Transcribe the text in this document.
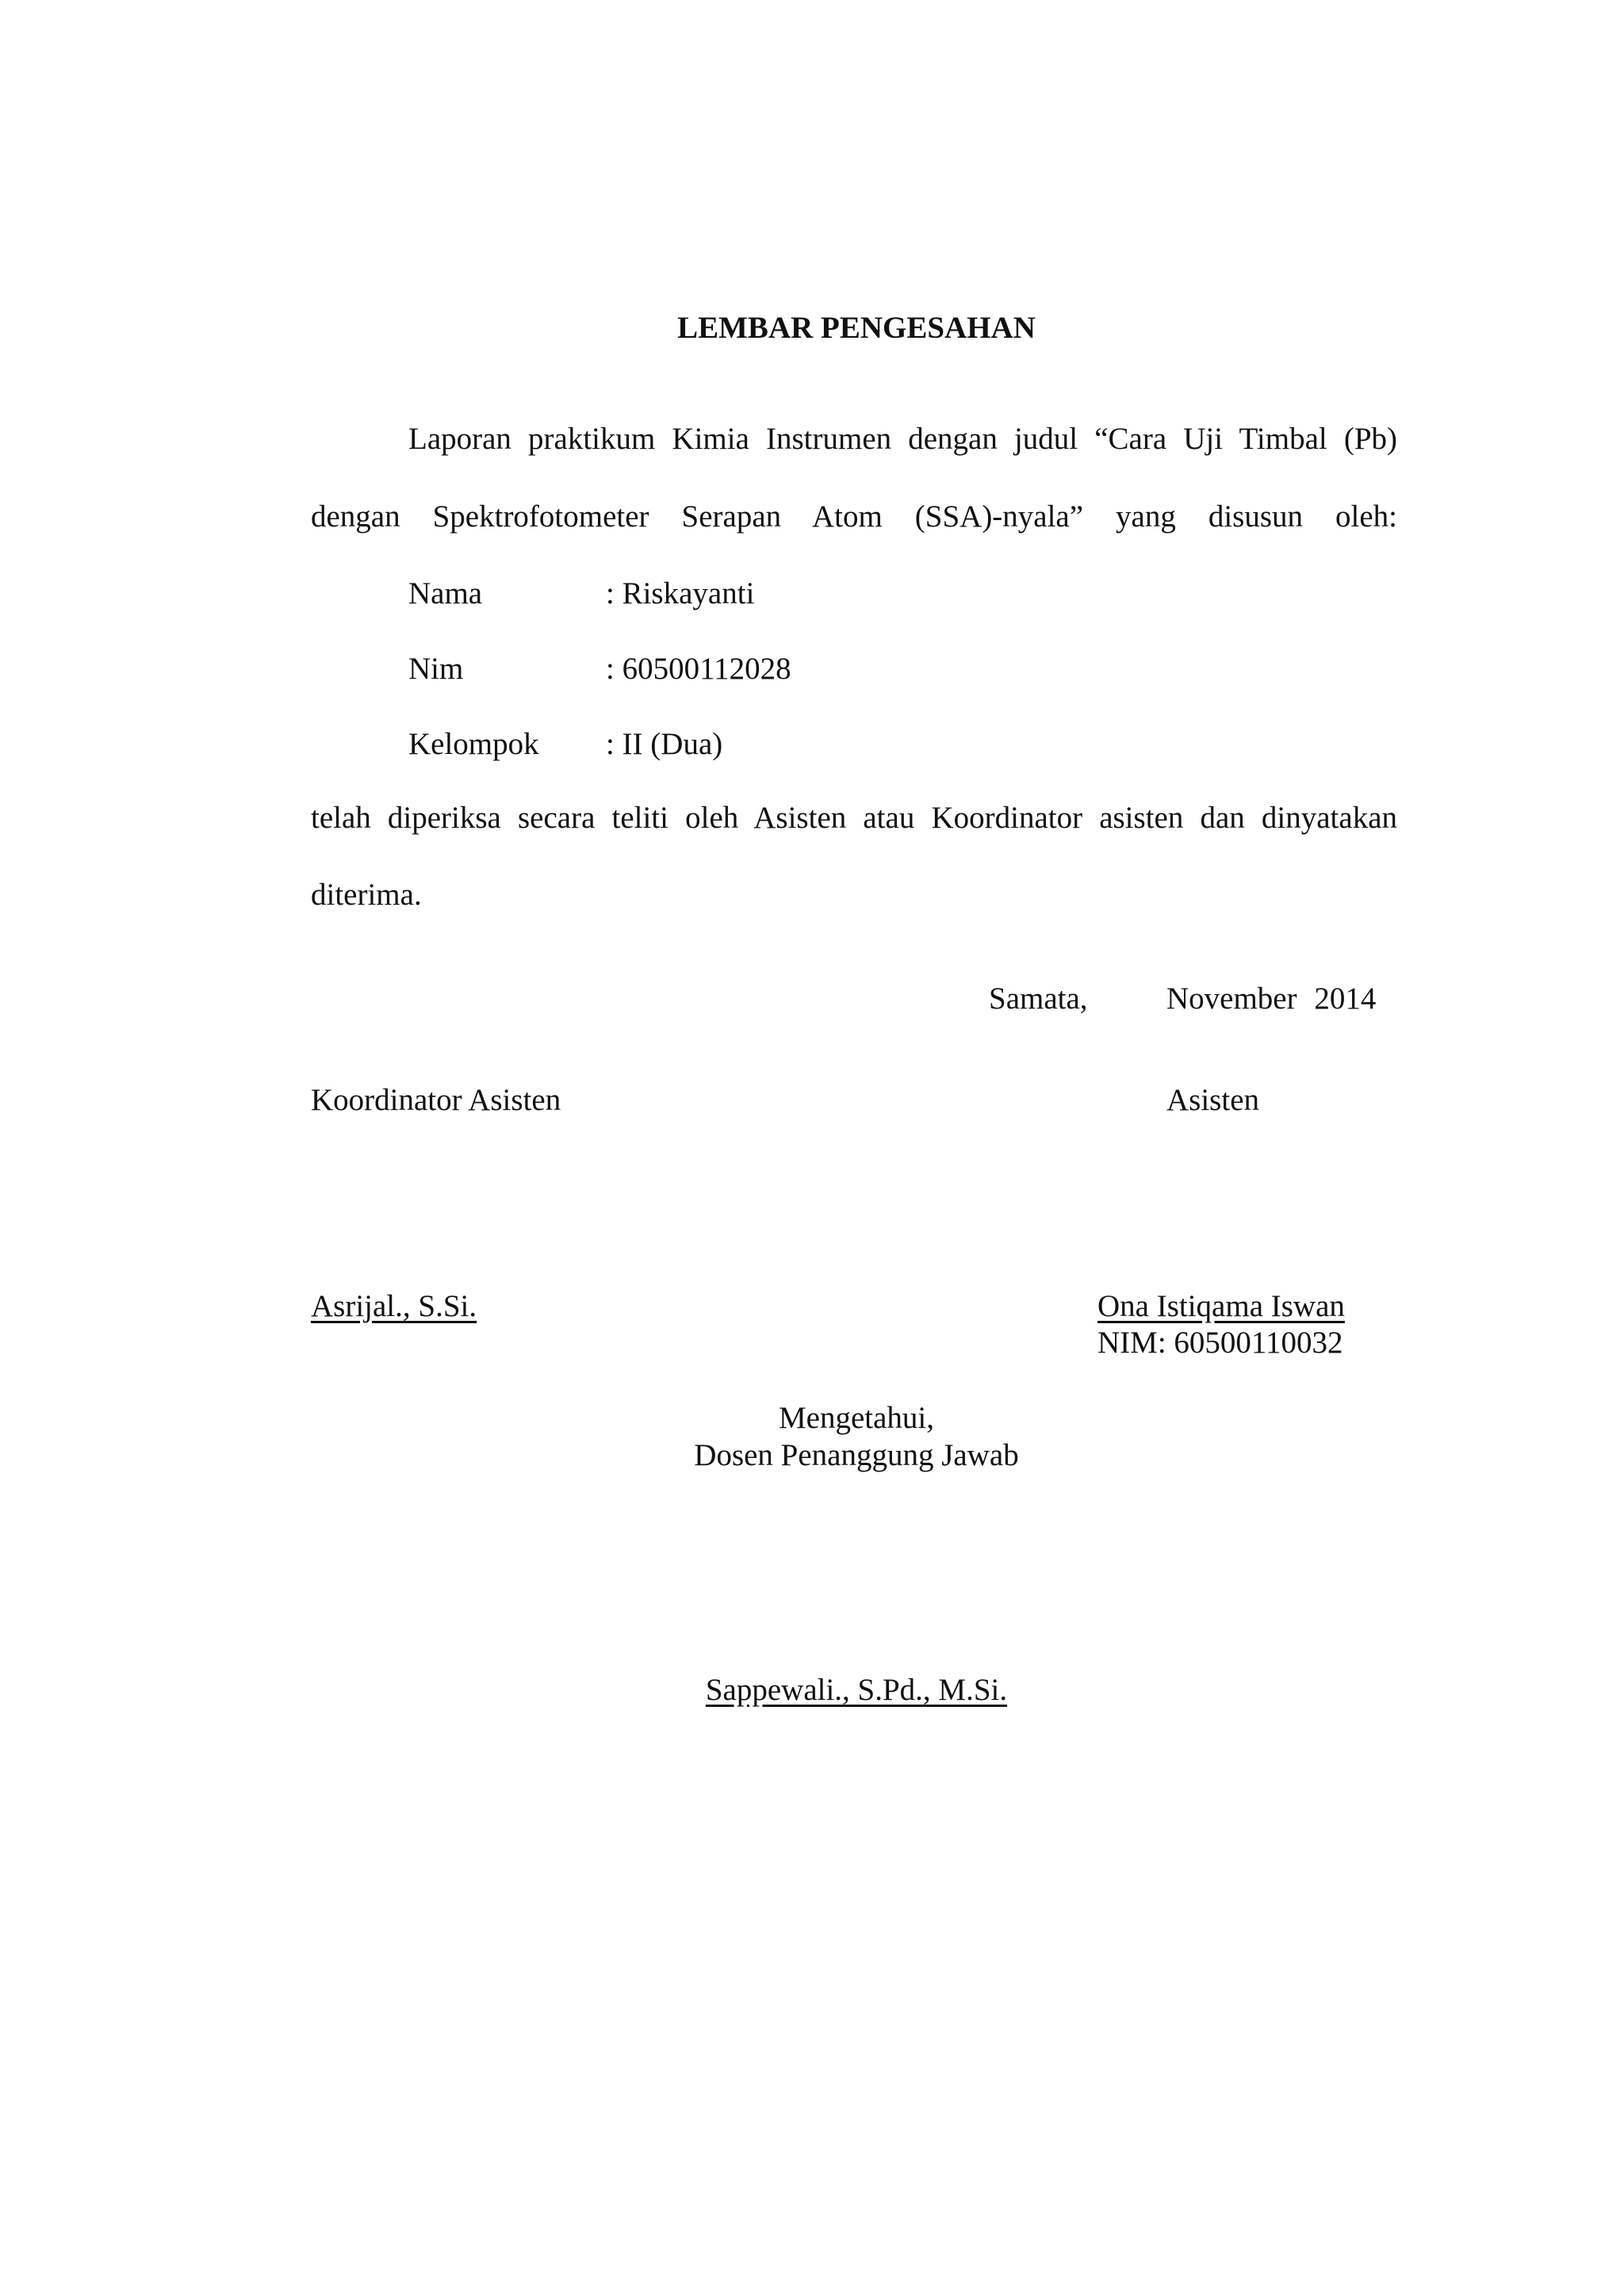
LEMBAR PENGESAHAN
Laporan praktikum Kimia Instrumen dengan judul “Cara Uji Timbal (Pb)
dengan Spektrofotometer Serapan Atom (SSA)-nyala” yang disusun oleh:
Nama	: Riskayanti
Nim	: 60500112028
Kelompok : II (Dua)
telah diperiksa secara teliti oleh Asisten atau Koordinator asisten dan dinyatakan
diterima.
Samata,	November 2014
Koordinator Asisten	Asisten
Asrijal., S.Si.	Ona Istiqama Iswan
NIM: 60500110032
Mengetahui,
Dosen Penanggung Jawab
Sappewali., S.Pd., M.Si.
